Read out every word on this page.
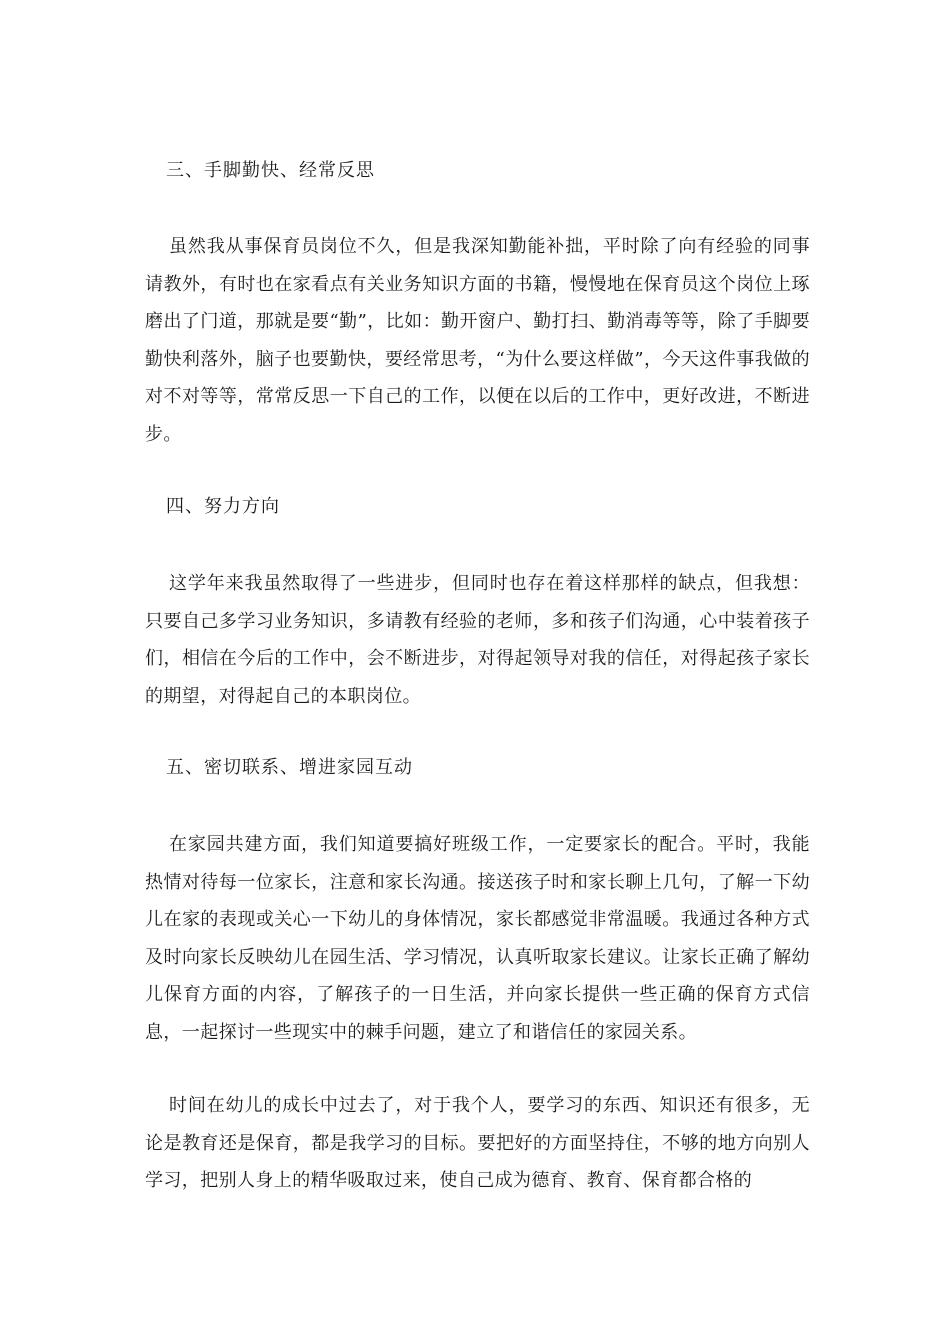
三、手脚勤快、经常反思
虽然我从事保育员岗位不久，但是我深知勤能补拙，平时除了向有经验的同事请教外，有时也在家看点有关业务知识方面的书籍，慢慢地在保育员这个岗位上琢磨出了门道，那就是要“勤”，比如：勤开窗户、勤打扫、勤消毒等等，除了手脚要勤快利落外，脑子也要勤快，要经常思考，“为什么要这样做”，今天这件事我做的对不对等等，常常反思一下自己的工作，以便在以后的工作中，更好改进，不断进步。
四、努力方向
这学年来我虽然取得了一些进步，但同时也存在着这样那样的缺点，但我想：只要自己多学习业务知识，多请教有经验的老师，多和孩子们沟通，心中装着孩子们，相信在今后的工作中，会不断进步，对得起领导对我的信任，对得起孩子家长的期望，对得起自己的本职岗位。
五、密切联系、增进家园互动
在家园共建方面，我们知道要搞好班级工作，一定要家长的配合。平时，我能热情对待每一位家长，注意和家长沟通。接送孩子时和家长聊上几句，了解一下幼儿在家的表现或关心一下幼儿的身体情况，家长都感觉非常温暖。我通过各种方式及时向家长反映幼儿在园生活、学习情况，认真听取家长建议。让家长正确了解幼儿保育方面的内容，了解孩子的一日生活，并向家长提供一些正确的保育方式信息，一起探讨一些现实中的棘手问题，建立了和谐信任的家园关系。
时间在幼儿的成长中过去了，对于我个人，要学习的东西、知识还有很多，无论是教育还是保育，都是我学习的目标。要把好的方面坚持住，不够的地方向别人学习，把别人身上的精华吸取过来，使自己成为德育、教育、保育都合格的
